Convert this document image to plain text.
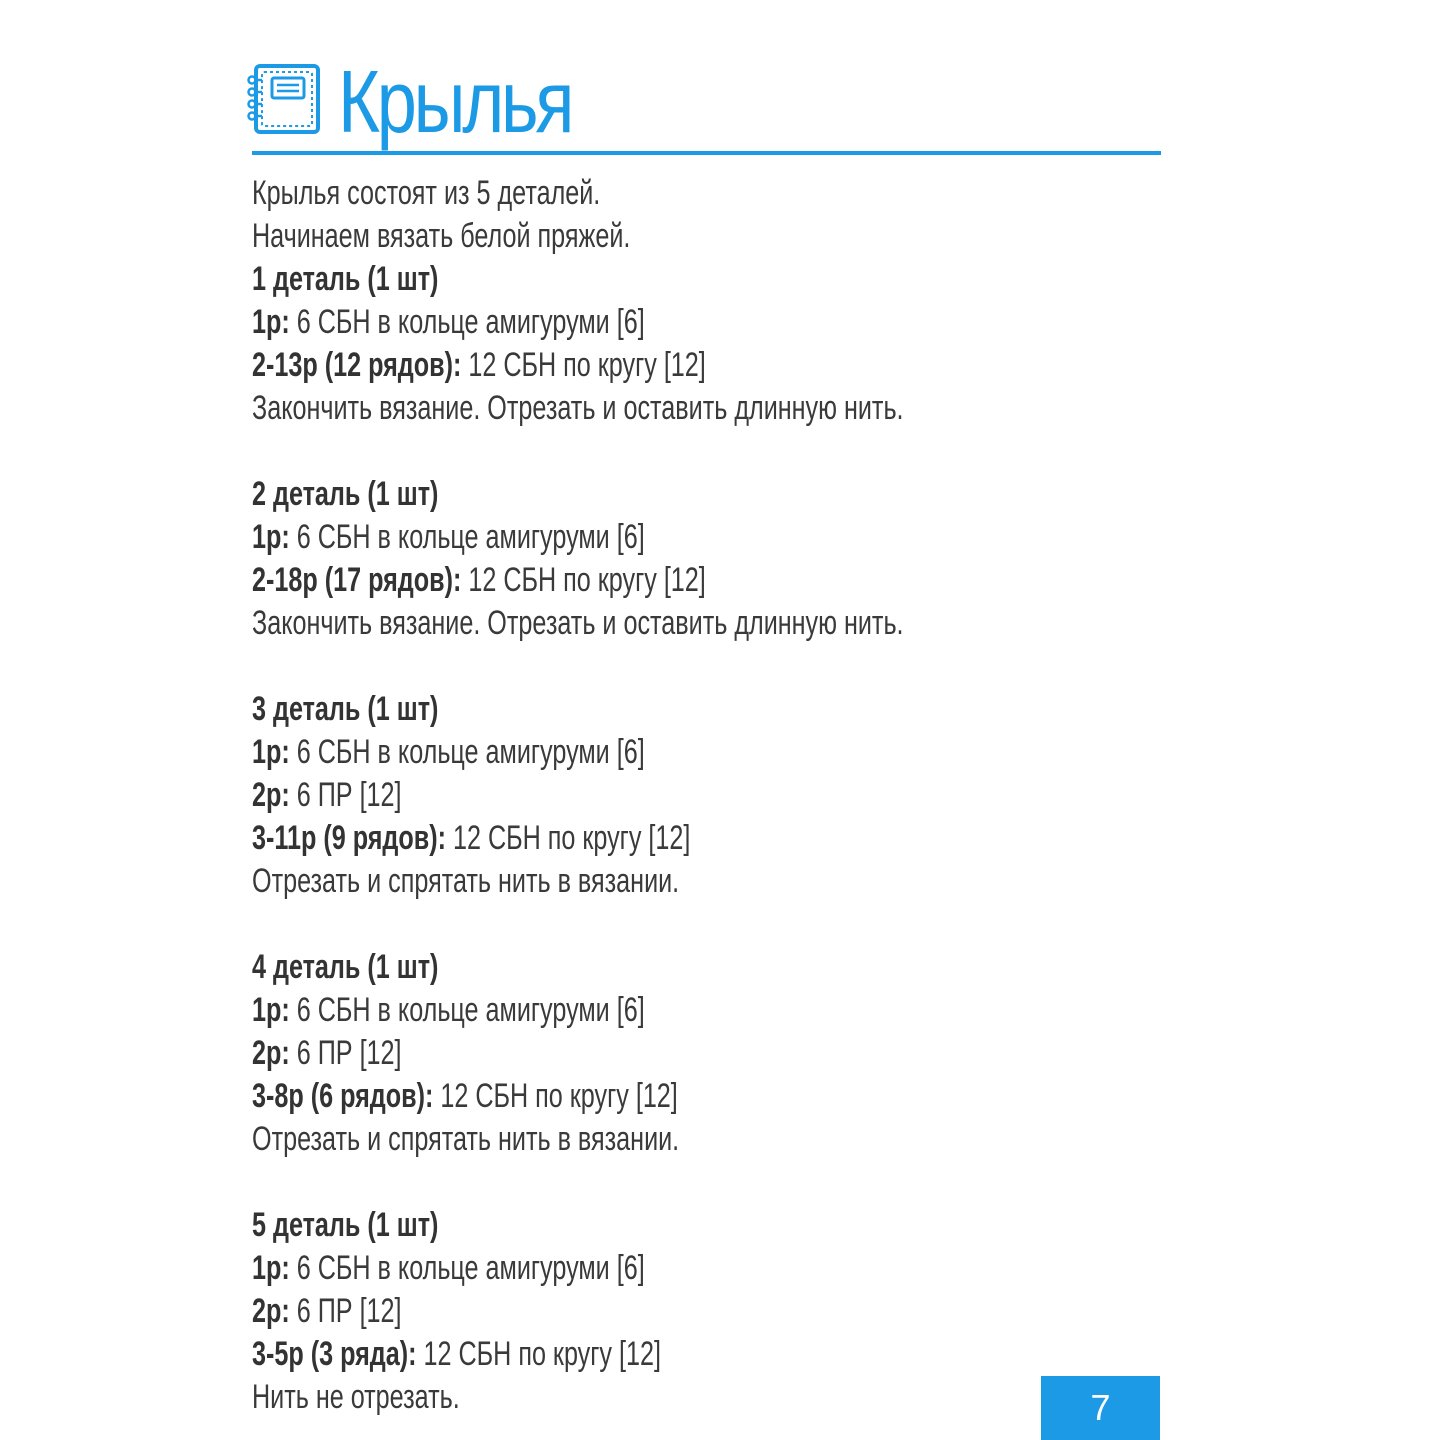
Крылья
Крылья состоят из 5 деталей.
Начинаем вязать белой пряжей.
1 деталь (1 шт)
1р: 6 СБН в кольце амигуруми [6]
2-13р (12 рядов): 12 СБН по кругу [12]
Закончить вязание. Отрезать и оставить длинную нить.
2 деталь (1 шт)
1р: 6 СБН в кольце амигуруми [6]
2-18р (17 рядов): 12 СБН по кругу [12]
Закончить вязание. Отрезать и оставить длинную нить.
3 деталь (1 шт)
1р: 6 СБН в кольце амигуруми [6]
2р: 6 ПР [12]
3-11р (9 рядов): 12 СБН по кругу [12]
Отрезать и спрятать нить в вязании.
4 деталь (1 шт)
1р: 6 СБН в кольце амигуруми [6]
2р: 6 ПР [12]
3-8р (6 рядов): 12 СБН по кругу [12]
Отрезать и спрятать нить в вязании.
5 деталь (1 шт)
1р: 6 СБН в кольце амигуруми [6]
2р: 6 ПР [12]
3-5р (3 ряда): 12 СБН по кругу [12]
Нить не отрезать.	7
